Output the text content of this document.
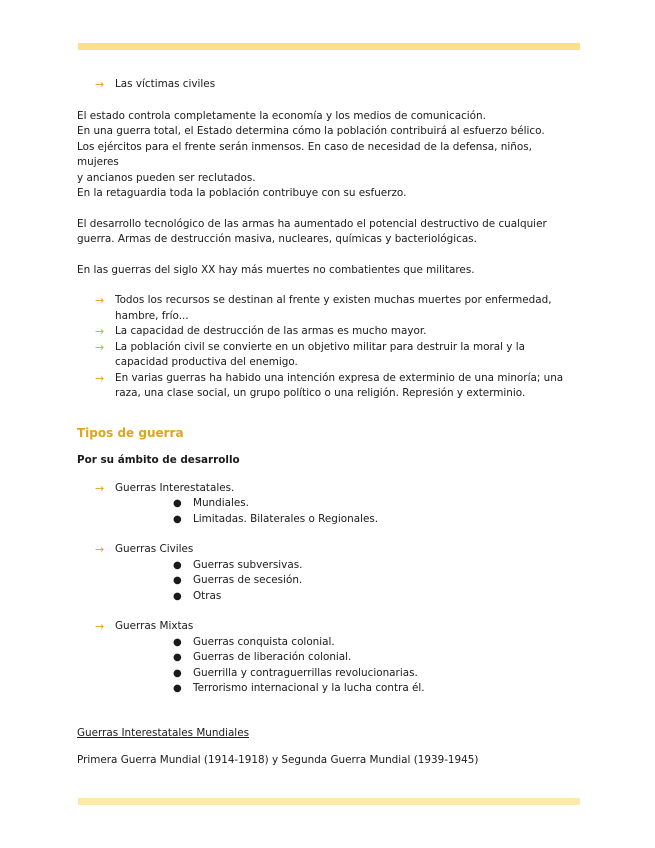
→ Las víctimas civiles

El estado controla completamente la economía y los medios de comunicación.

En una guerra total, el Estado determina cómo la población contribuirá al esfuerzo bélico.

Los ejércitos para el frente serán inmensos. En caso de necesidad de la defensa, niños, mujeres

y ancianos pueden ser reclutados.

En la retaguardia toda la población contribuye con su esfuerzo.

El desarrollo tecnológico de las armas ha aumentado el potencial destructivo de cualquier

guerra. Armas de destrucción masiva, nucleares, químicas y bacteriológicas.

En las guerras del siglo XX hay más muertes no combatientes que militares.

→ Todos los recursos se destinan al frente y existen muchas muertes por enfermedad,
hambre, frío...
→ La capacidad de destrucción de las armas es mucho mayor.
→ La población civil se convierte en un objetivo militar para destruir la moral y la
capacidad productiva del enemigo.
→ En varias guerras ha habido una intención expresa de exterminio de una minoría; una
raza, una clase social, un grupo político o una religión. Represión y exterminio.

Tipos de guerra

Por su ámbito de desarrollo

→ Guerras Interestatales.
● Mundiales.
● Limitadas. Bilaterales o Regionales.
→ Guerras Civiles
● Guerras subversivas.
● Guerras de secesión.
● Otras
→ Guerras Mixtas
● Guerras conquista colonial.
● Guerras de liberación colonial.
● Guerrilla y contraguerrillas revolucionarias.
● Terrorismo internacional y la lucha contra él.

Guerras Interestatales Mundiales

Primera Guerra Mundial (1914-1918) y Segunda Guerra Mundial (1939-1945)
